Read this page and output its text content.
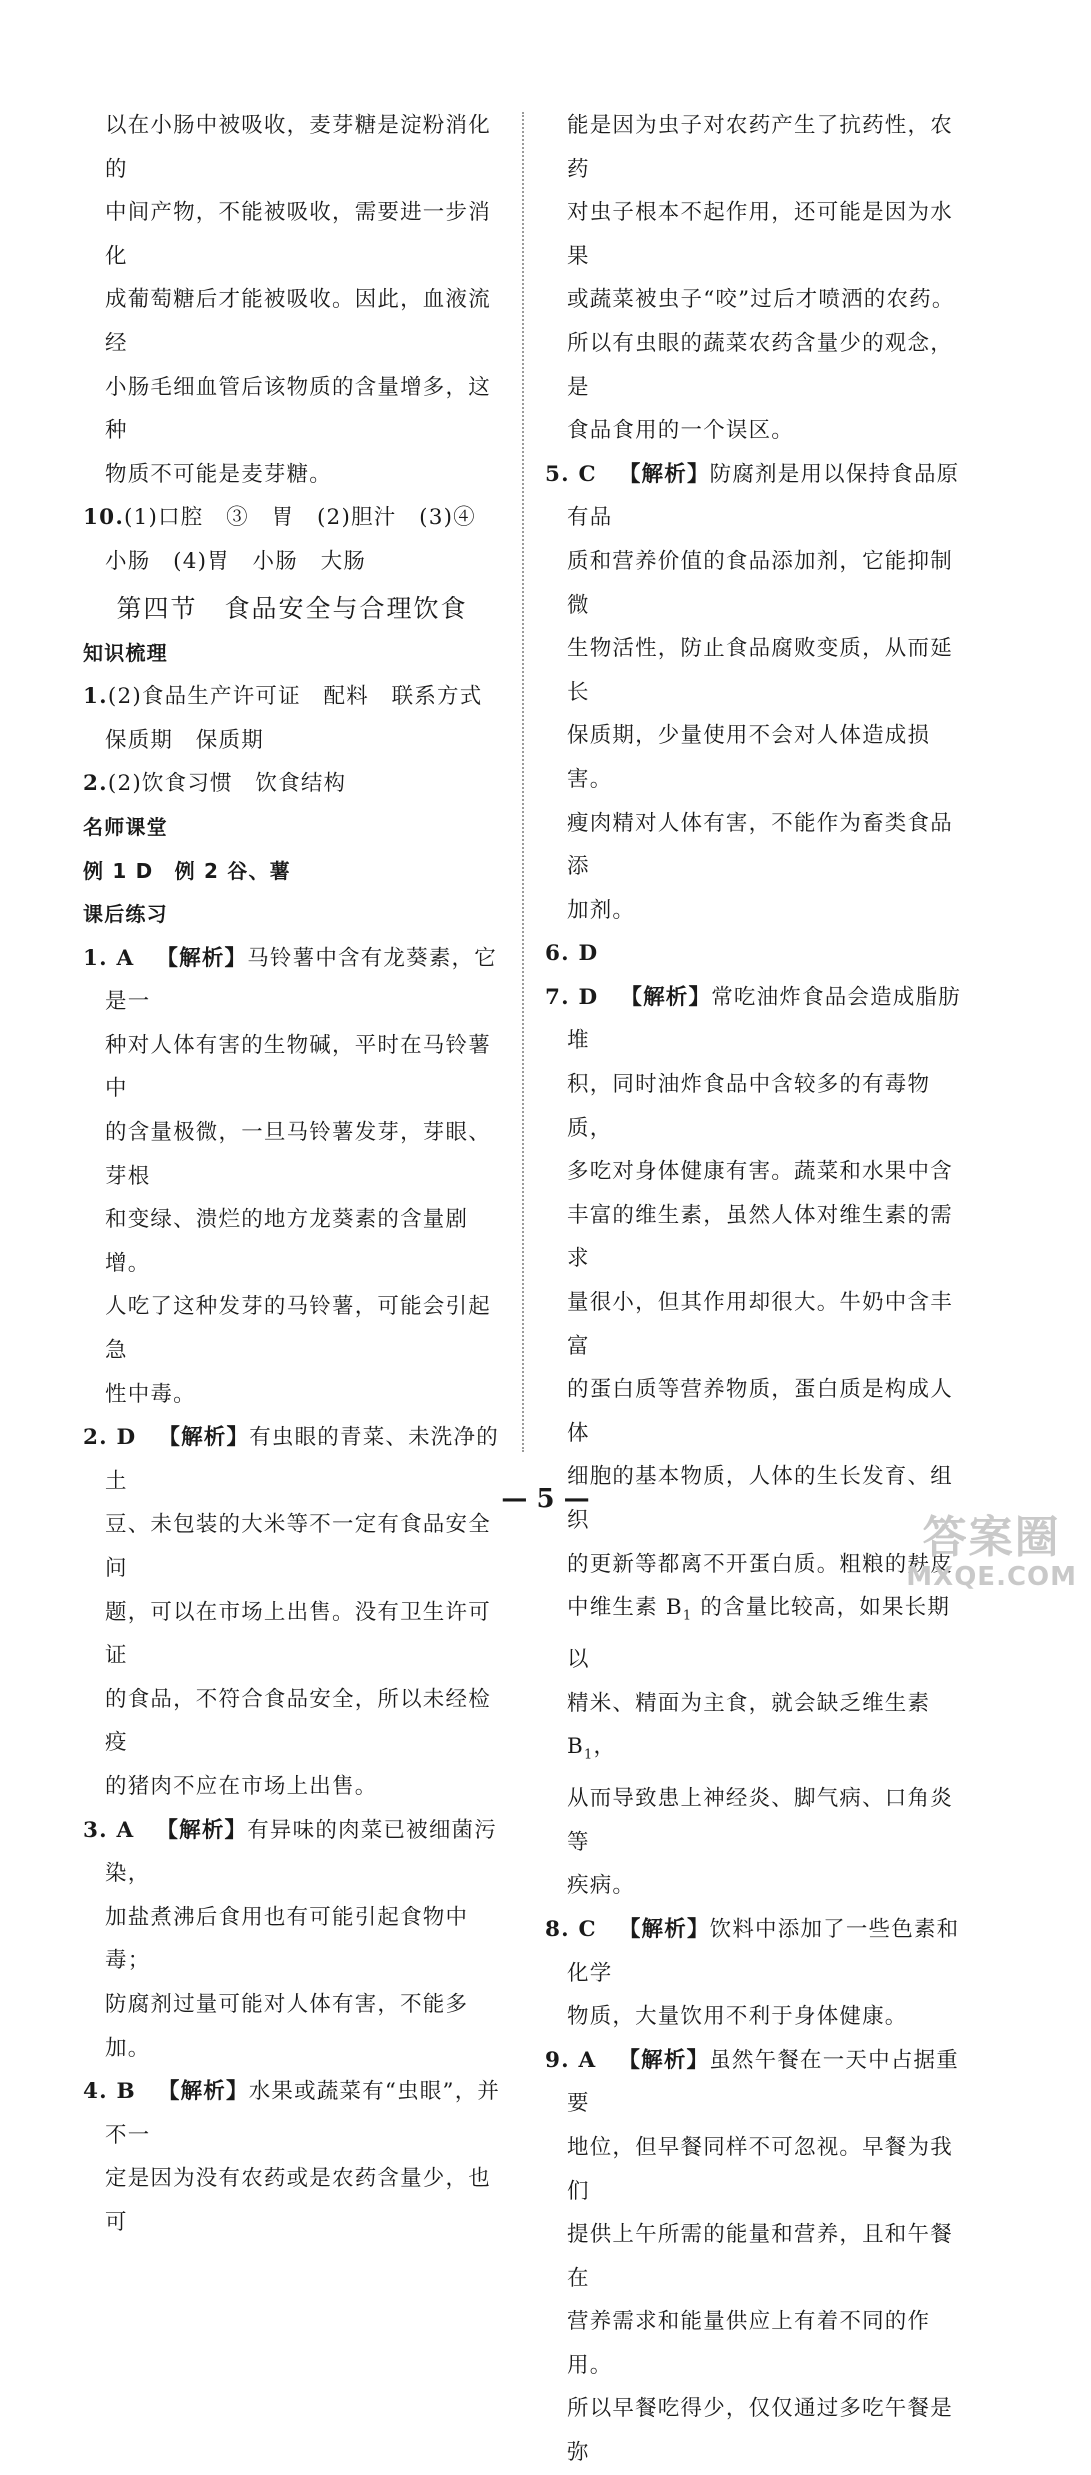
以在小肠中被吸收，麦芽糖是淀粉消化的

中间产物，不能被吸收，需要进一步消化

成葡萄糖后才能被吸收。因此，血液流经

小肠毛细血管后该物质的含量增多，这种

物质不可能是麦芽糖。

10.(1)口腔　③　胃　(2)胆汁　(3)④

小肠　(4)胃　小肠　大肠

第四节　食品安全与合理饮食

知识梳理

1.(2)食品生产许可证　配料　联系方式

保质期　保质期

2.(2)饮食习惯　饮食结构

名师课堂

例 1 D　例 2 谷、薯

课后练习

1. A 【解析】马铃薯中含有龙葵素，它是一

种对人体有害的生物碱，平时在马铃薯中

的含量极微，一旦马铃薯发芽，芽眼、芽根

和变绿、溃烂的地方龙葵素的含量剧增。

人吃了这种发芽的马铃薯，可能会引起急

性中毒。

2. D 【解析】有虫眼的青菜、未洗净的土

豆、未包装的大米等不一定有食品安全问

题，可以在市场上出售。没有卫生许可证

的食品，不符合食品安全，所以未经检疫

的猪肉不应在市场上出售。

3. A 【解析】有异味的肉菜已被细菌污染，

加盐煮沸后食用也有可能引起食物中毒；

防腐剂过量可能对人体有害，不能多加。

4. B 【解析】水果或蔬菜有“虫眼”，并不一

定是因为没有农药或是农药含量少，也可

能是因为虫子对农药产生了抗药性，农药

对虫子根本不起作用，还可能是因为水果

或蔬菜被虫子“咬”过后才喷洒的农药。

所以有虫眼的蔬菜农药含量少的观念，是

食品食用的一个误区。

5. C 【解析】防腐剂是用以保持食品原有品

质和营养价值的食品添加剂，它能抑制微

生物活性，防止食品腐败变质，从而延长

保质期，少量使用不会对人体造成损害。

瘦肉精对人体有害，不能作为畜类食品添

加剂。

6. D

7. D 【解析】常吃油炸食品会造成脂肪堆

积，同时油炸食品中含较多的有毒物质，

多吃对身体健康有害。蔬菜和水果中含

丰富的维生素，虽然人体对维生素的需求

量很小，但其作用却很大。牛奶中含丰富

的蛋白质等营养物质，蛋白质是构成人体

细胞的基本物质，人体的生长发育、组织

的更新等都离不开蛋白质。粗粮的麸皮

中维生素 $B_1$ 的含量比较高，如果长期以

精米、精面为主食，就会缺乏维生素 $B_1$，

从而导致患上神经炎、脚气病、口角炎等

疾病。

8. C 【解析】饮料中添加了一些色素和化学

物质，大量饮用不利于身体健康。

9. A 【解析】虽然午餐在一天中占据重要

地位，但早餐同样不可忽视。早餐为我们

提供上午所需的能量和营养，且和午餐在

营养需求和能量供应上有着不同的作用。

所以早餐吃得少，仅仅通过多吃午餐是弥

— 5 —
答案圈
MXQE.COM
